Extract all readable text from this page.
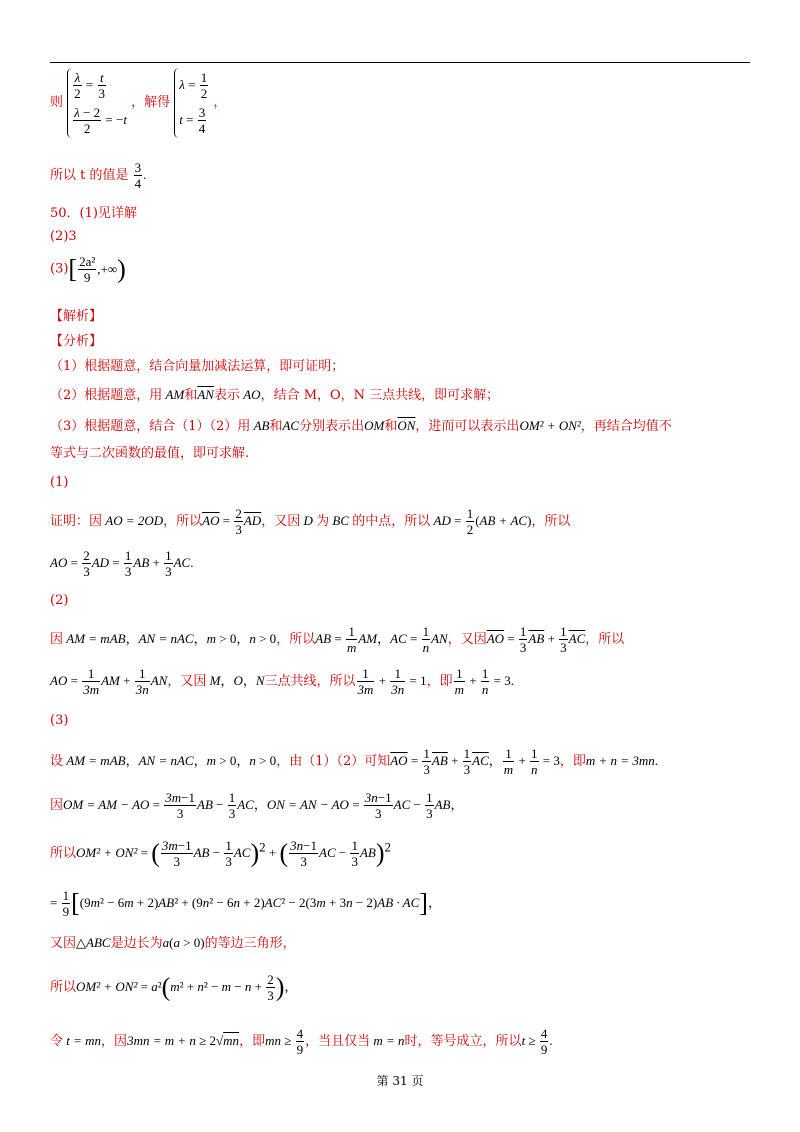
则
$\frac{\lambda}{2} = \frac{t}{3}$
$\frac{\lambda - 2}{2} = -t$
，解得
$\lambda = \frac{1}{2}$
$t = \frac{3}{4}$
，
所以 t 的值是 $\frac{3}{4}$ .
50．(1)见详解
(2)3
$(3)[ \frac{\text{2a²}}{9}$ ,+∞)
【解析】
【分析】
（1）根据题意，结合向量加减法运算，即可证明；
（2）根据题意，用 AM和$\overline{AN}$表示 AO，结合 M，O，N 三点共线，即可求解；
（3）根据题意，结合（1）（2）用 AB和AC分别表示出OM和$\overline{ON}$，进而可以表示出OM² + ON²，再结合均值不
等式与二次函数的最值，即可求解.
(1)
证明：因 AO = 2OD，所以$\overline{AO} = \frac{2}{3} \overline{AD}$，又因 D 为 BC 的中点，所以 AD = $\frac{1}{2} (AB + AC)$，所以
AO = $\frac{2}{3}$ AD = $\frac{1}{3}$ AB + $\frac{1}{3}$ AC.
(2)
因 AM = mAB，AN = nAC，m > 0，n > 0，所以AB = $\frac{1}{m}$ AM，AC = $\frac{1}{n}$ AN，又因$\overline{AO} = \frac{1}{3} \overline{AB} + \frac{1}{3} \overline{AC}$，所以
AO = $\frac{1}{3m}$ AM + $\frac{1}{3n}$ AN，又因 M，O，N三点共线，所以 $\frac{1}{3m} + \frac{1}{3n} = 1$，即 $\frac{1}{m} + \frac{1}{n} = 3$.
(3)
设 AM = mAB，AN = nAC，m > 0，n > 0，由（1）（2）可知$\overline{AO} = \frac{1}{3} \overline{AB} + \frac{1}{3} \overline{AC}$， $\frac{1}{m} + \frac{1}{n} = 3$，即m + n = 3mn.
因OM = AM − AO = $\frac{3m-1}{3}$ AB − $\frac{1}{3}$ AC，ON = AN − AO = $\frac{3n-1}{3}$ AC − $\frac{1}{3}$ AB，
所以OM² + ON² = ( $\frac{3m-1}{3}$ AB − $\frac{1}{3} AC)2$ + ( $\frac{3n-1}{3}$ AC − $\frac{1}{3} AB)2$
= $\frac{1}{9} [(9m^2 - 6m + 2)AB^2 + (9n^2 - 6n + 2)AC^2 - 2(3m + 3n - 2)AB \cdot AC]$，
又因△ABC是边长为a(a > 0)的等边三角形，
所以$OM^2 + ON^2 = a^2(m^2 + n^2 - m - n + \frac{2}{3}$ )，
令 t = mn，因3mn = m + n ≥ 2√mn，即mn ≥ $\frac{4}{9}$ ，当且仅当 m = n时，等号成立，所以$t \ge \frac{4}{9}$ .
第 31 页
